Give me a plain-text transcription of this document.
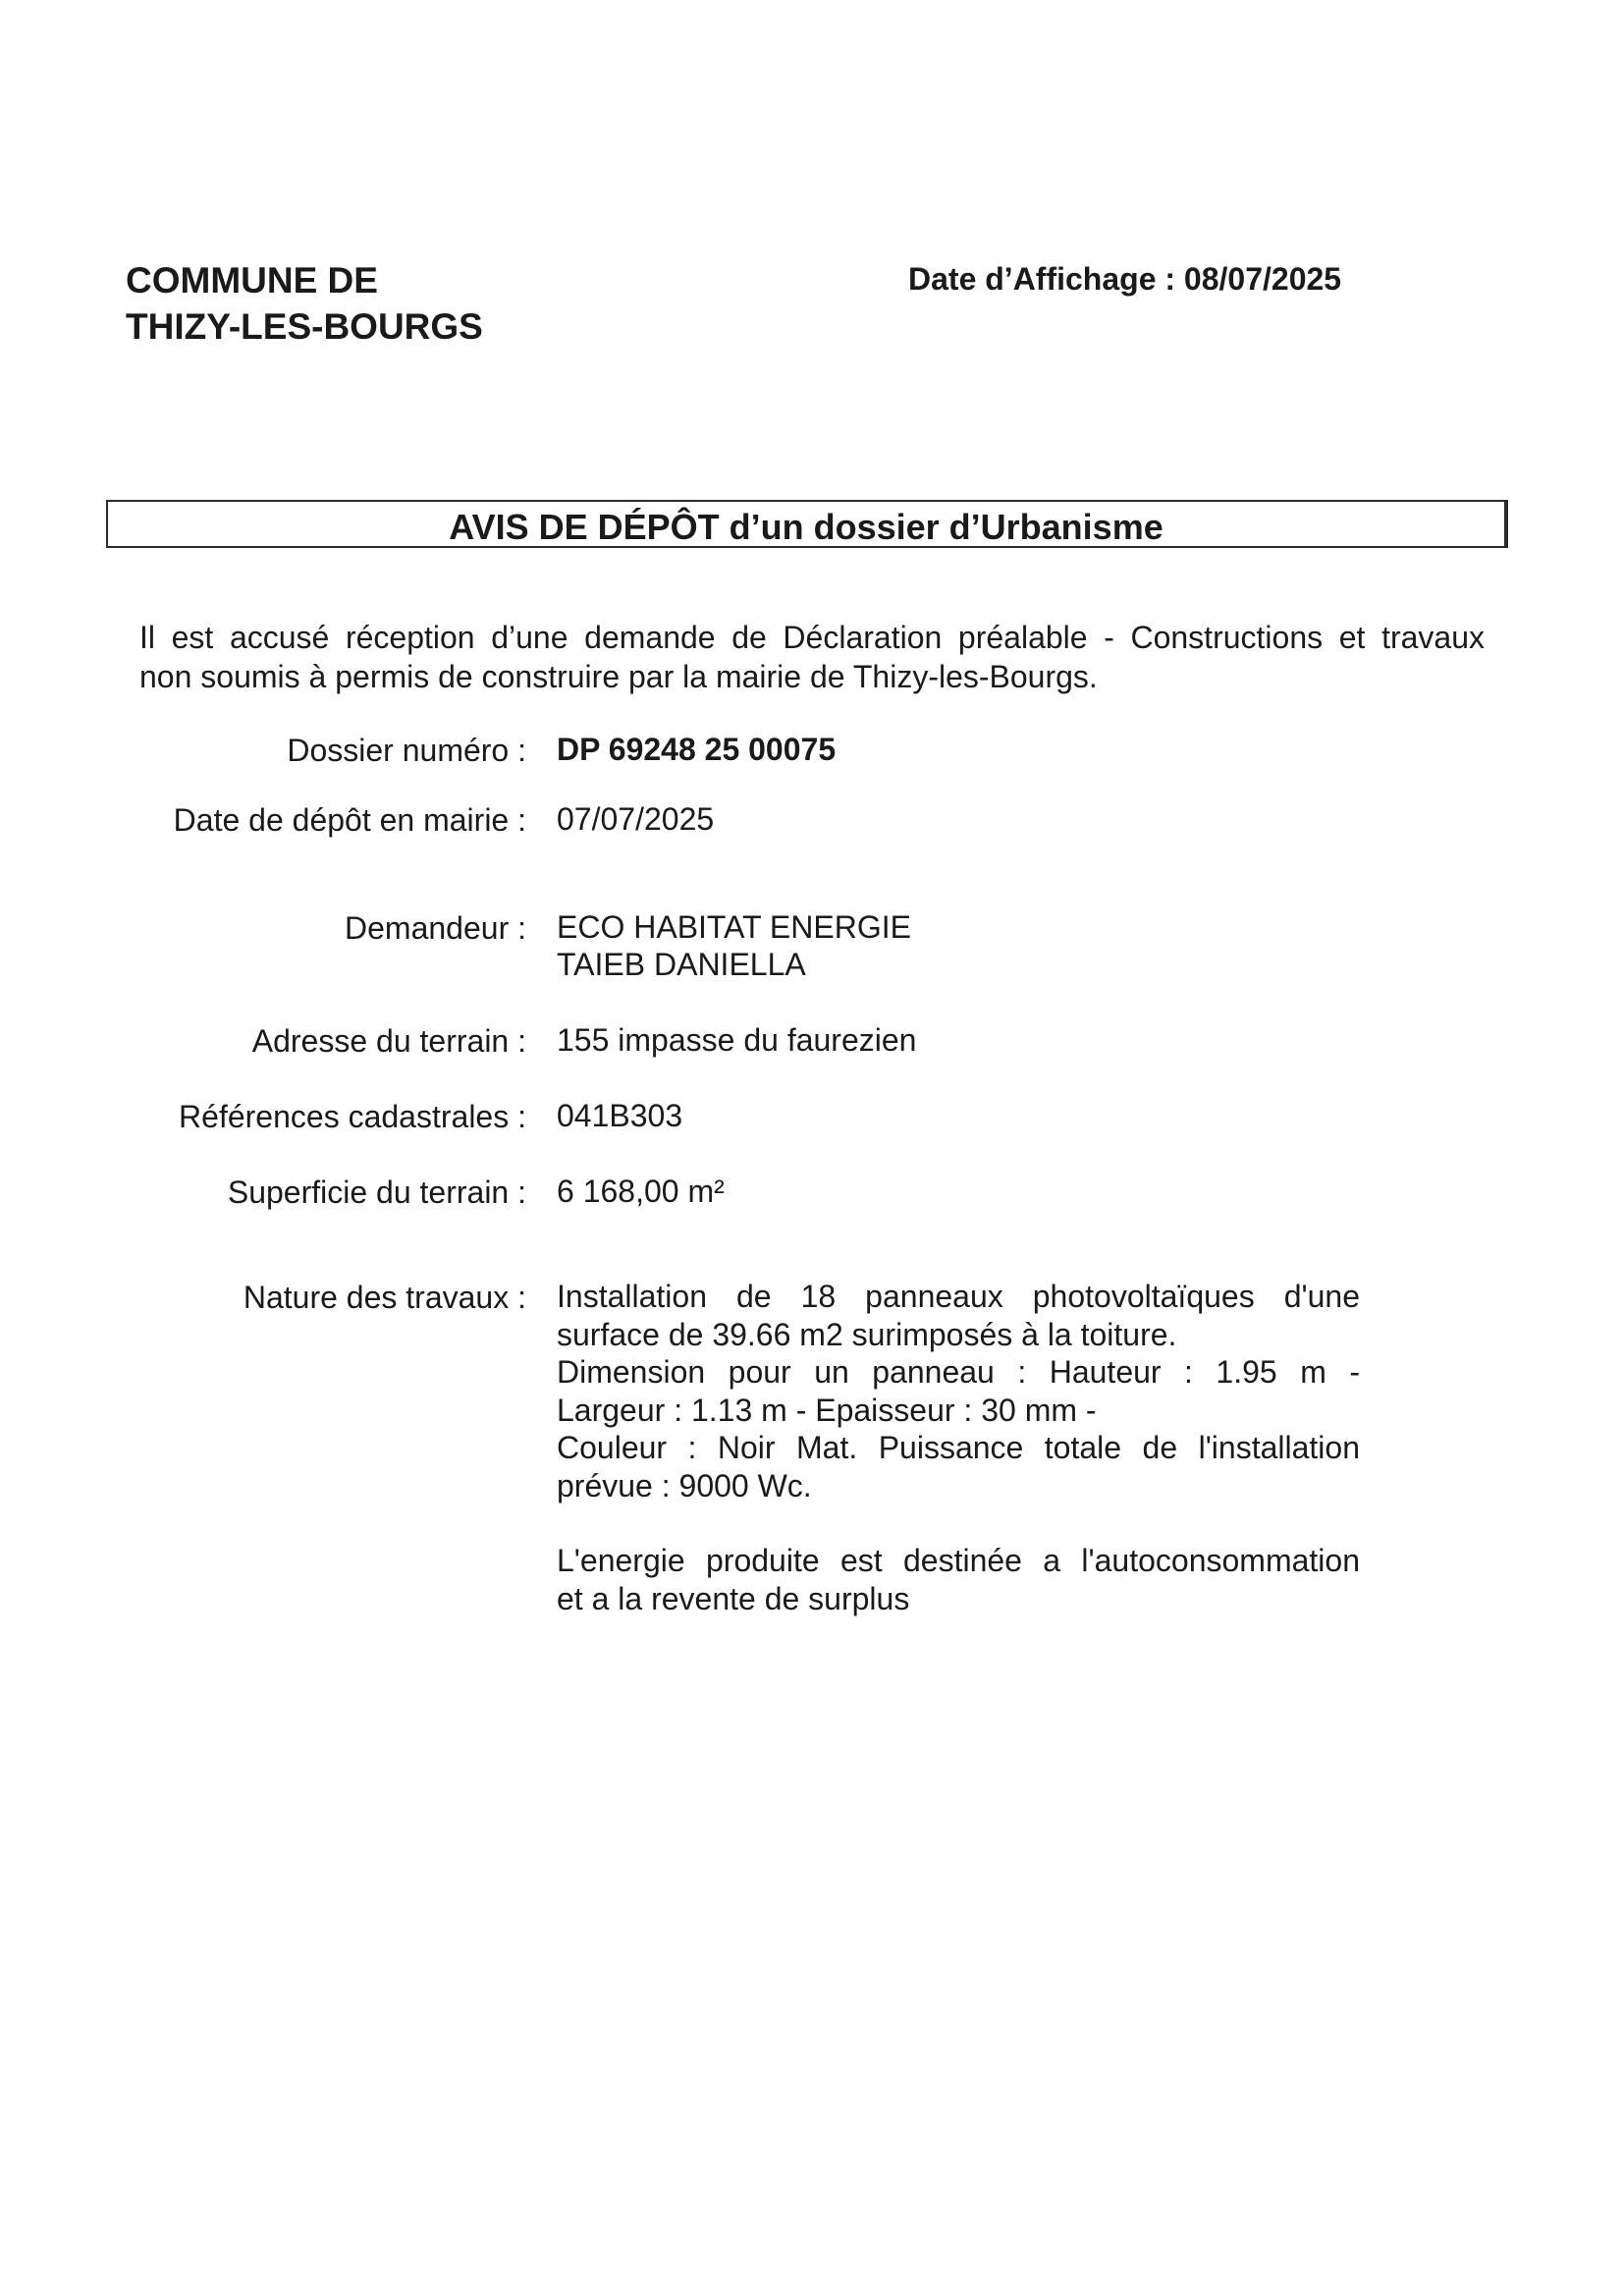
COMMUNE DE
THIZY-LES-BOURGS
Date d’Affichage : 08/07/2025
AVIS DE DÉPÔT d’un dossier d’Urbanisme
Il est accusé réception d’une demande de Déclaration préalable - Constructions et travaux
non soumis à permis de construire par la mairie de Thizy-les-Bourgs.
Dossier numéro : DP 69248 25 00075
Date de dépôt en mairie : 07/07/2025
Demandeur : ECO HABITAT ENERGIE
TAIEB DANIELLA
Adresse du terrain : 155 impasse du faurezien
Références cadastrales : 041B303
Superficie du terrain : 6 168,00 m²
Nature des travaux : Installation de 18 panneaux photovoltaïques d'une
surface de 39.66 m2 surimposés à la toiture.
Dimension pour un panneau : Hauteur : 1.95 m -
Largeur : 1.13 m - Epaisseur : 30 mm -
Couleur : Noir Mat. Puissance totale de l'installation
prévue : 9000 Wc.
L'energie produite est destinée a l'autoconsommation
et a la revente de surplus
